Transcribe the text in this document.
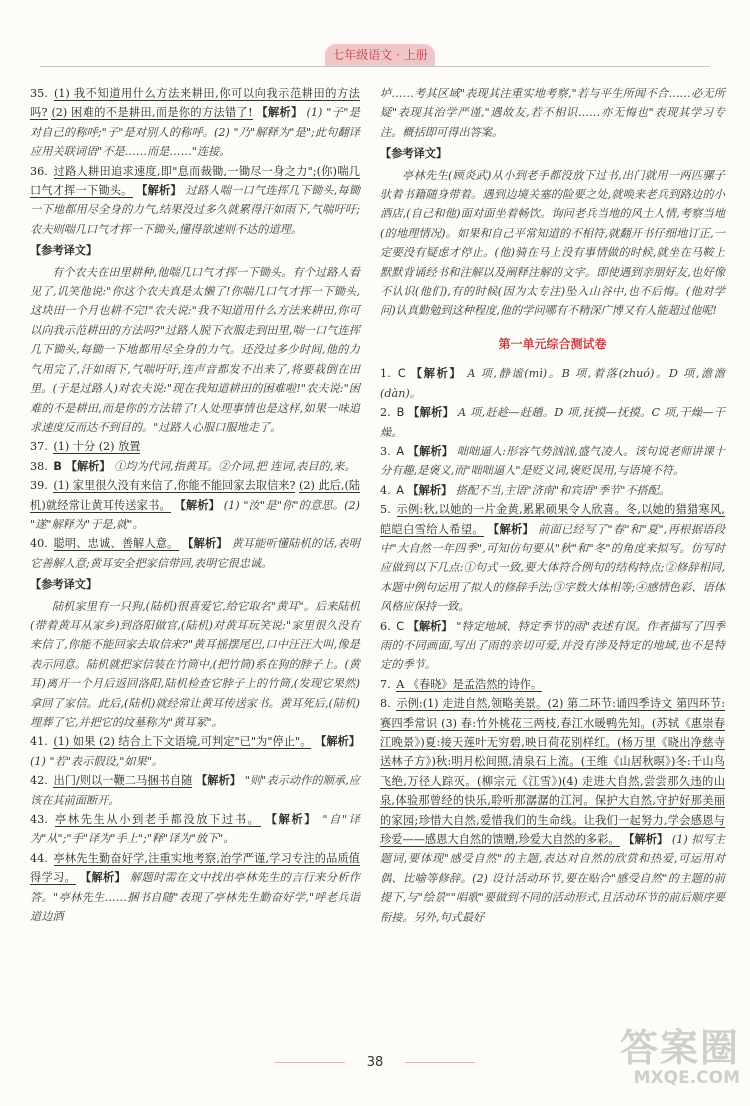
七年级语文 · 上册

35. (1) 我不知道用什么方法来耕田,你可以向我示范耕田的方法吗? (2) 困难的不是耕田,而是你的方法错了! 【解析】 (1) "子"是对自己的称呼;"子"是对别人的称呼。(2) "乃"解释为"是";此句翻译应用关联词语"不是……而是……"连接。

36. 过路人耕田追求速度,即"息而裁锄,一锄尽一身之力";(你)喘几口气才挥一下锄头。 【解析】 过路人喘一口气连挥几下锄头,每锄一下地都用尽全身的力气,结果没过多久就累得汗如雨下,气喘吁吁;农夫则喘几口气才挥一下锄头,懂得欲速则不达的道理。

【参考译文】

有个农夫在田里耕种,他喘几口气才挥一下锄头。有个过路人看见了,讥笑他说:"你这个农夫真是太懒了!你喘几口气才挥一下锄头,这块田一个月也耕不完!"农夫说:"我不知道用什么方法来耕田,你可以向我示范耕田的方法吗?"过路人脱下衣服走到田里,喘一口气连挥几下锄头,每锄一下地都用尽全身的力气。还没过多少时间,他的力气用完了,汗如雨下,气喘吁吁,连声音都发不出来了,将要栽倒在田里。(于是过路人)对农夫说:"现在我知道耕田的困难啦!"农夫说:"困难的不是耕田,而是你的方法错了!人处理事情也是这样,如果一味追求速度反而达不到目的。"过路人心服口服地走了。

37. (1) 十分 (2) 放置

38. B 【解析】 ①均为代词,指黄耳。②介词,把 连词,表目的,来。

39. (1) 家里很久没有来信了,你能不能回家去取信来? (2) 此后,(陆机)就经常让黄耳传送家书。 【解析】 (1) "汝"是"你"的意思。(2) "遂"解释为"于是,就"。

40. 聪明、忠诚、善解人意。 【解析】 黄耳能听懂陆机的话,表明它善解人意;黄耳安全把家信带回,表明它很忠诚。

【参考译文】

陆机家里有一只狗,(陆机)很喜爱它,给它取名"黄耳"。后来陆机(带着黄耳从家乡)到洛阳做官,(陆机)对黄耳玩笑说:"家里很久没有来信了,你能不能回家去取信来?"黄耳摇摆尾巴,口中汪汪大叫,像是表示同意。陆机就把家信装在竹筒中,(把竹筒)系在狗的脖子上。(黄耳)离开一个月后返回洛阳,陆机检查它脖子上的竹筒,(发现它果然)拿回了家信。此后,(陆机)就经常让黄耳传送家书。黄耳死后,(陆机)埋葬了它,并把它的坟墓称为"黄耳冢"。

41. (1) 如果 (2) 结合上下文语境,可判定"已"为"停止"。 【解析】 (1) "若"表示假设,"如果"。

42. 出门/则以一鞭二马捆书自随 【解析】 "则"表示动作的顺承,应该在其前面断开。

43. 亭林先生从小到老手都没放下过书。 【解析】 "自"译为"从";"手"译为"手上";"释"译为"放下"。

44. 亭林先生勤奋好学,注重实地考察,治学严谨,学习专注的品质值得学习。 【解析】 解题时需在文中找出亭林先生的言行来分析作答。"亭林先生……捆书自随"表现了亭林先生勤奋好学,"呼老兵诣道边酒

垆……考其区域"表现其注重实地考察,"若与平生所闻不合……必无所疑"表现其治学严谨,"遇故友,若不相识……亦无悔也"表现其学习专注。概括即可得出答案。

【参考译文】

亭林先生(顾炎武)从小到老手都没放下过书,出门就用一两匹骡子驮着书籍随身带着。遇到边境关塞的险要之处,就唤来老兵到路边的小酒店,(自己和他)面对面坐着畅饮。询问老兵当地的风土人情,考察当地(的地理情况)。如果和自己平常知道的不相符,就翻开书仔细地订正,一定要没有疑虑才停止。(他)骑在马上没有事情做的时候,就坐在马鞍上默默背诵经书和注解以及阐释注解的文字。即使遇到亲朋好友,也好像不认识(他们),有的时候(因为太专注)坠入山谷中,也不后悔。(他对学问)认真勤勉到这种程度,他的学问哪有不精深广博又有人能超过他呢!

第一单元综合测试卷

1. C 【解析】 A 项,静谧(mì)。B 项,着落(zhuó)。D 项,澹澹(dàn)。

2. B 【解析】 A 项,赶趁—赶趟。D 项,抚摸—抚摸。C 项,干燥—干燥。

3. A 【解析】 咄咄逼人:形容气势汹汹,盛气凌人。该句说老师讲课十分有趣,是褒义,而"咄咄逼人"是贬义词,褒贬误用,与语境不符。

4. A 【解析】 搭配不当,主语"济南"和宾语"季节"不搭配。

5. 示例:秋,以她的一片金黄,累累硕果令人欣喜。冬,以她的猎猎寒风,皑皑白雪给人希望。 【解析】 前面已经写了"春"和"夏",再根据语段中"大自然一年四季",可知仿句要从"秋"和"冬"的角度来拟写。仿写时应做到以下几点:①句式一致,要大体符合例句的结构特点;②修辞相同,本题中例句运用了拟人的修辞手法;③字数大体相等;④感情色彩、语体风格应保持一致。

6. C 【解析】 "特定地域、特定季节的雨"表述有误。作者描写了四季雨的不同画面,写出了雨的亲切可爱,并没有涉及特定的地域,也不是特定的季节。

7. A 《春晓》是孟浩然的诗作。

8. 示例:(1) 走进自然,领略美景。(2) 第二环节:诵四季诗文 第四环节:赛四季常识 (3) 春:竹外桃花三两枝,春江水暖鸭先知。(苏轼《惠崇春江晚景》)夏:接天莲叶无穷碧,映日荷花别样红。(杨万里《晓出净慈寺送林子方》)秋:明月松间照,清泉石上流。(王维《山居秋暝》)冬:千山鸟飞绝,万径人踪灭。(柳宗元《江雪》)(4) 走进大自然,尝尝那久违的山泉,体验那曾经的快乐,聆听那潺潺的江河。保护大自然,守护好那美丽的家园;珍惜大自然,爱惜我们的生命线。让我们一起努力,学会感恩与珍爱——感恩大自然的馈赠,珍爱大自然的多彩。 【解析】 (1) 拟写主题词,要体现"感受自然"的主题,表达对自然的欣赏和热爱,可运用对偶、比喻等修辞。(2) 设计活动环节,要在贴合"感受自然"的主题的前提下,与"绘景""唱歌"要做到不同的活动形式,且活动环节的前后顺序要衔接。另外,句式最好

38	答案圈
MXQE.COM
